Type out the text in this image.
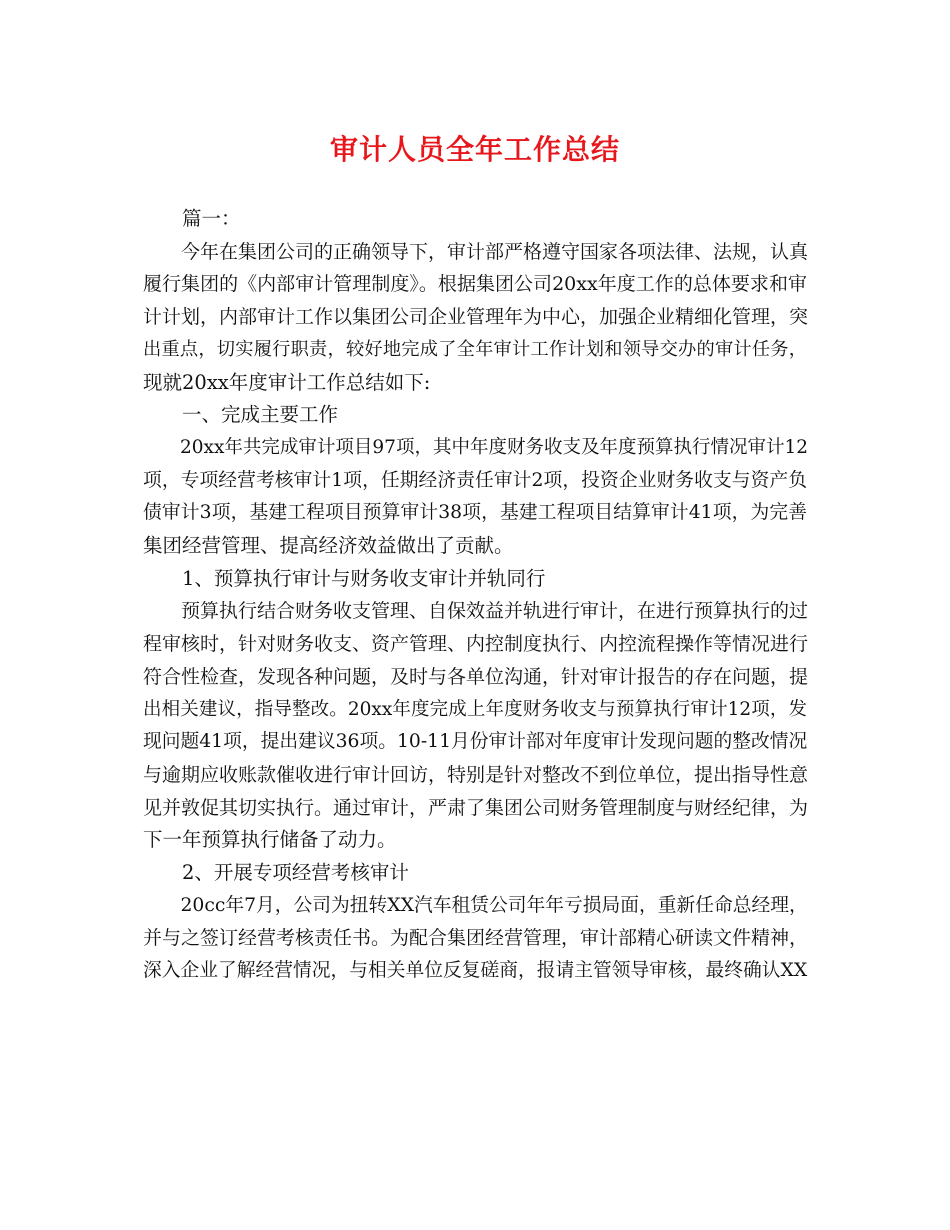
审计人员全年工作总结
篇一：
今年在集团公司的正确领导下，审计部严格遵守国家各项法律、法规，认真
履行集团的《内部审计管理制度》。根据集团公司20xx年度工作的总体要求和审
计计划，内部审计工作以集团公司企业管理年为中心，加强企业精细化管理，突
出重点，切实履行职责，较好地完成了全年审计工作计划和领导交办的审计任务，
现就20xx年度审计工作总结如下:
一、完成主要工作
20xx年共完成审计项目97项，其中年度财务收支及年度预算执行情况审计12
项，专项经营考核审计1项，任期经济责任审计2项，投资企业财务收支与资产负
债审计3项，基建工程项目预算审计38项，基建工程项目结算审计41项，为完善
集团经营管理、提高经济效益做出了贡献。
1、预算执行审计与财务收支审计并轨同行
预算执行结合财务收支管理、自保效益并轨进行审计，在进行预算执行的过
程审核时，针对财务收支、资产管理、内控制度执行、内控流程操作等情况进行
符合性检查，发现各种问题，及时与各单位沟通，针对审计报告的存在问题，提
出相关建议，指导整改。20xx年度完成上年度财务收支与预算执行审计12项，发
现问题41项，提出建议36项。10-11月份审计部对年度审计发现问题的整改情况
与逾期应收账款催收进行审计回访，特别是针对整改不到位单位，提出指导性意
见并敦促其切实执行。通过审计，严肃了集团公司财务管理制度与财经纪律，为
下一年预算执行储备了动力。
2、开展专项经营考核审计
20cc年7月，公司为扭转XX汽车租赁公司年年亏损局面，重新任命总经理，
并与之签订经营考核责任书。为配合集团经营管理，审计部精心研读文件精神，
深入企业了解经营情况，与相关单位反复磋商，报请主管领导审核，最终确认XX
